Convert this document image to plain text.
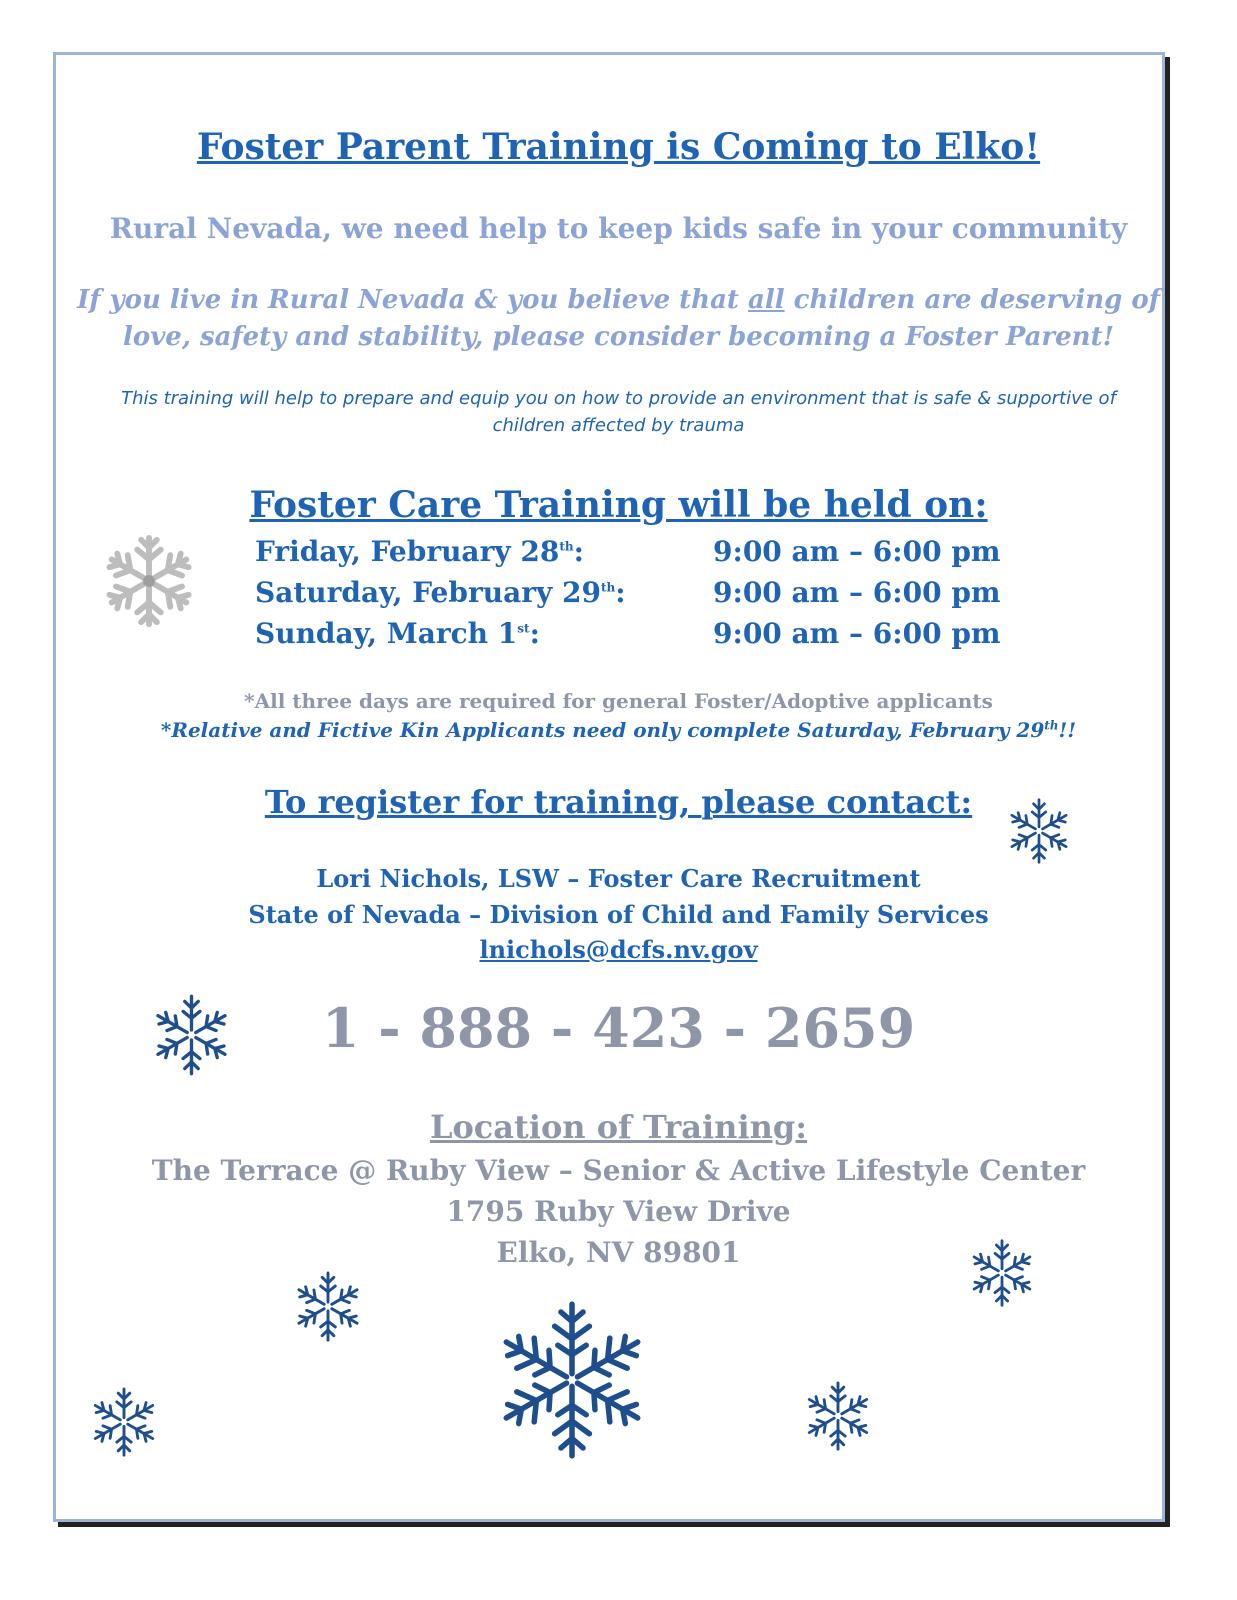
Foster Parent Training is Coming to Elko!
Rural Nevada, we need help to keep kids safe in your community
If you live in Rural Nevada & you believe that all children are deserving of
love, safety and stability, please consider becoming a Foster Parent!
This training will help to prepare and equip you on how to provide an environment that is safe & supportive of
children affected by trauma
Foster Care Training will be held on:
Friday, February 28th:	9:00 am – 6:00 pm
Saturday, February 29th:	9:00 am – 6:00 pm
Sunday, March 1st:	9:00 am – 6:00 pm
*All three days are required for general Foster/Adoptive applicants
*Relative and Fictive Kin Applicants need only complete Saturday, February 29th!!
To register for training, please contact:
Lori Nichols, LSW – Foster Care Recruitment
State of Nevada – Division of Child and Family Services
lnichols@dcfs.nv.gov
1 - 888 - 423 - 2659
Location of Training:
The Terrace @ Ruby View – Senior & Active Lifestyle Center
1795 Ruby View Drive
Elko, NV 89801
